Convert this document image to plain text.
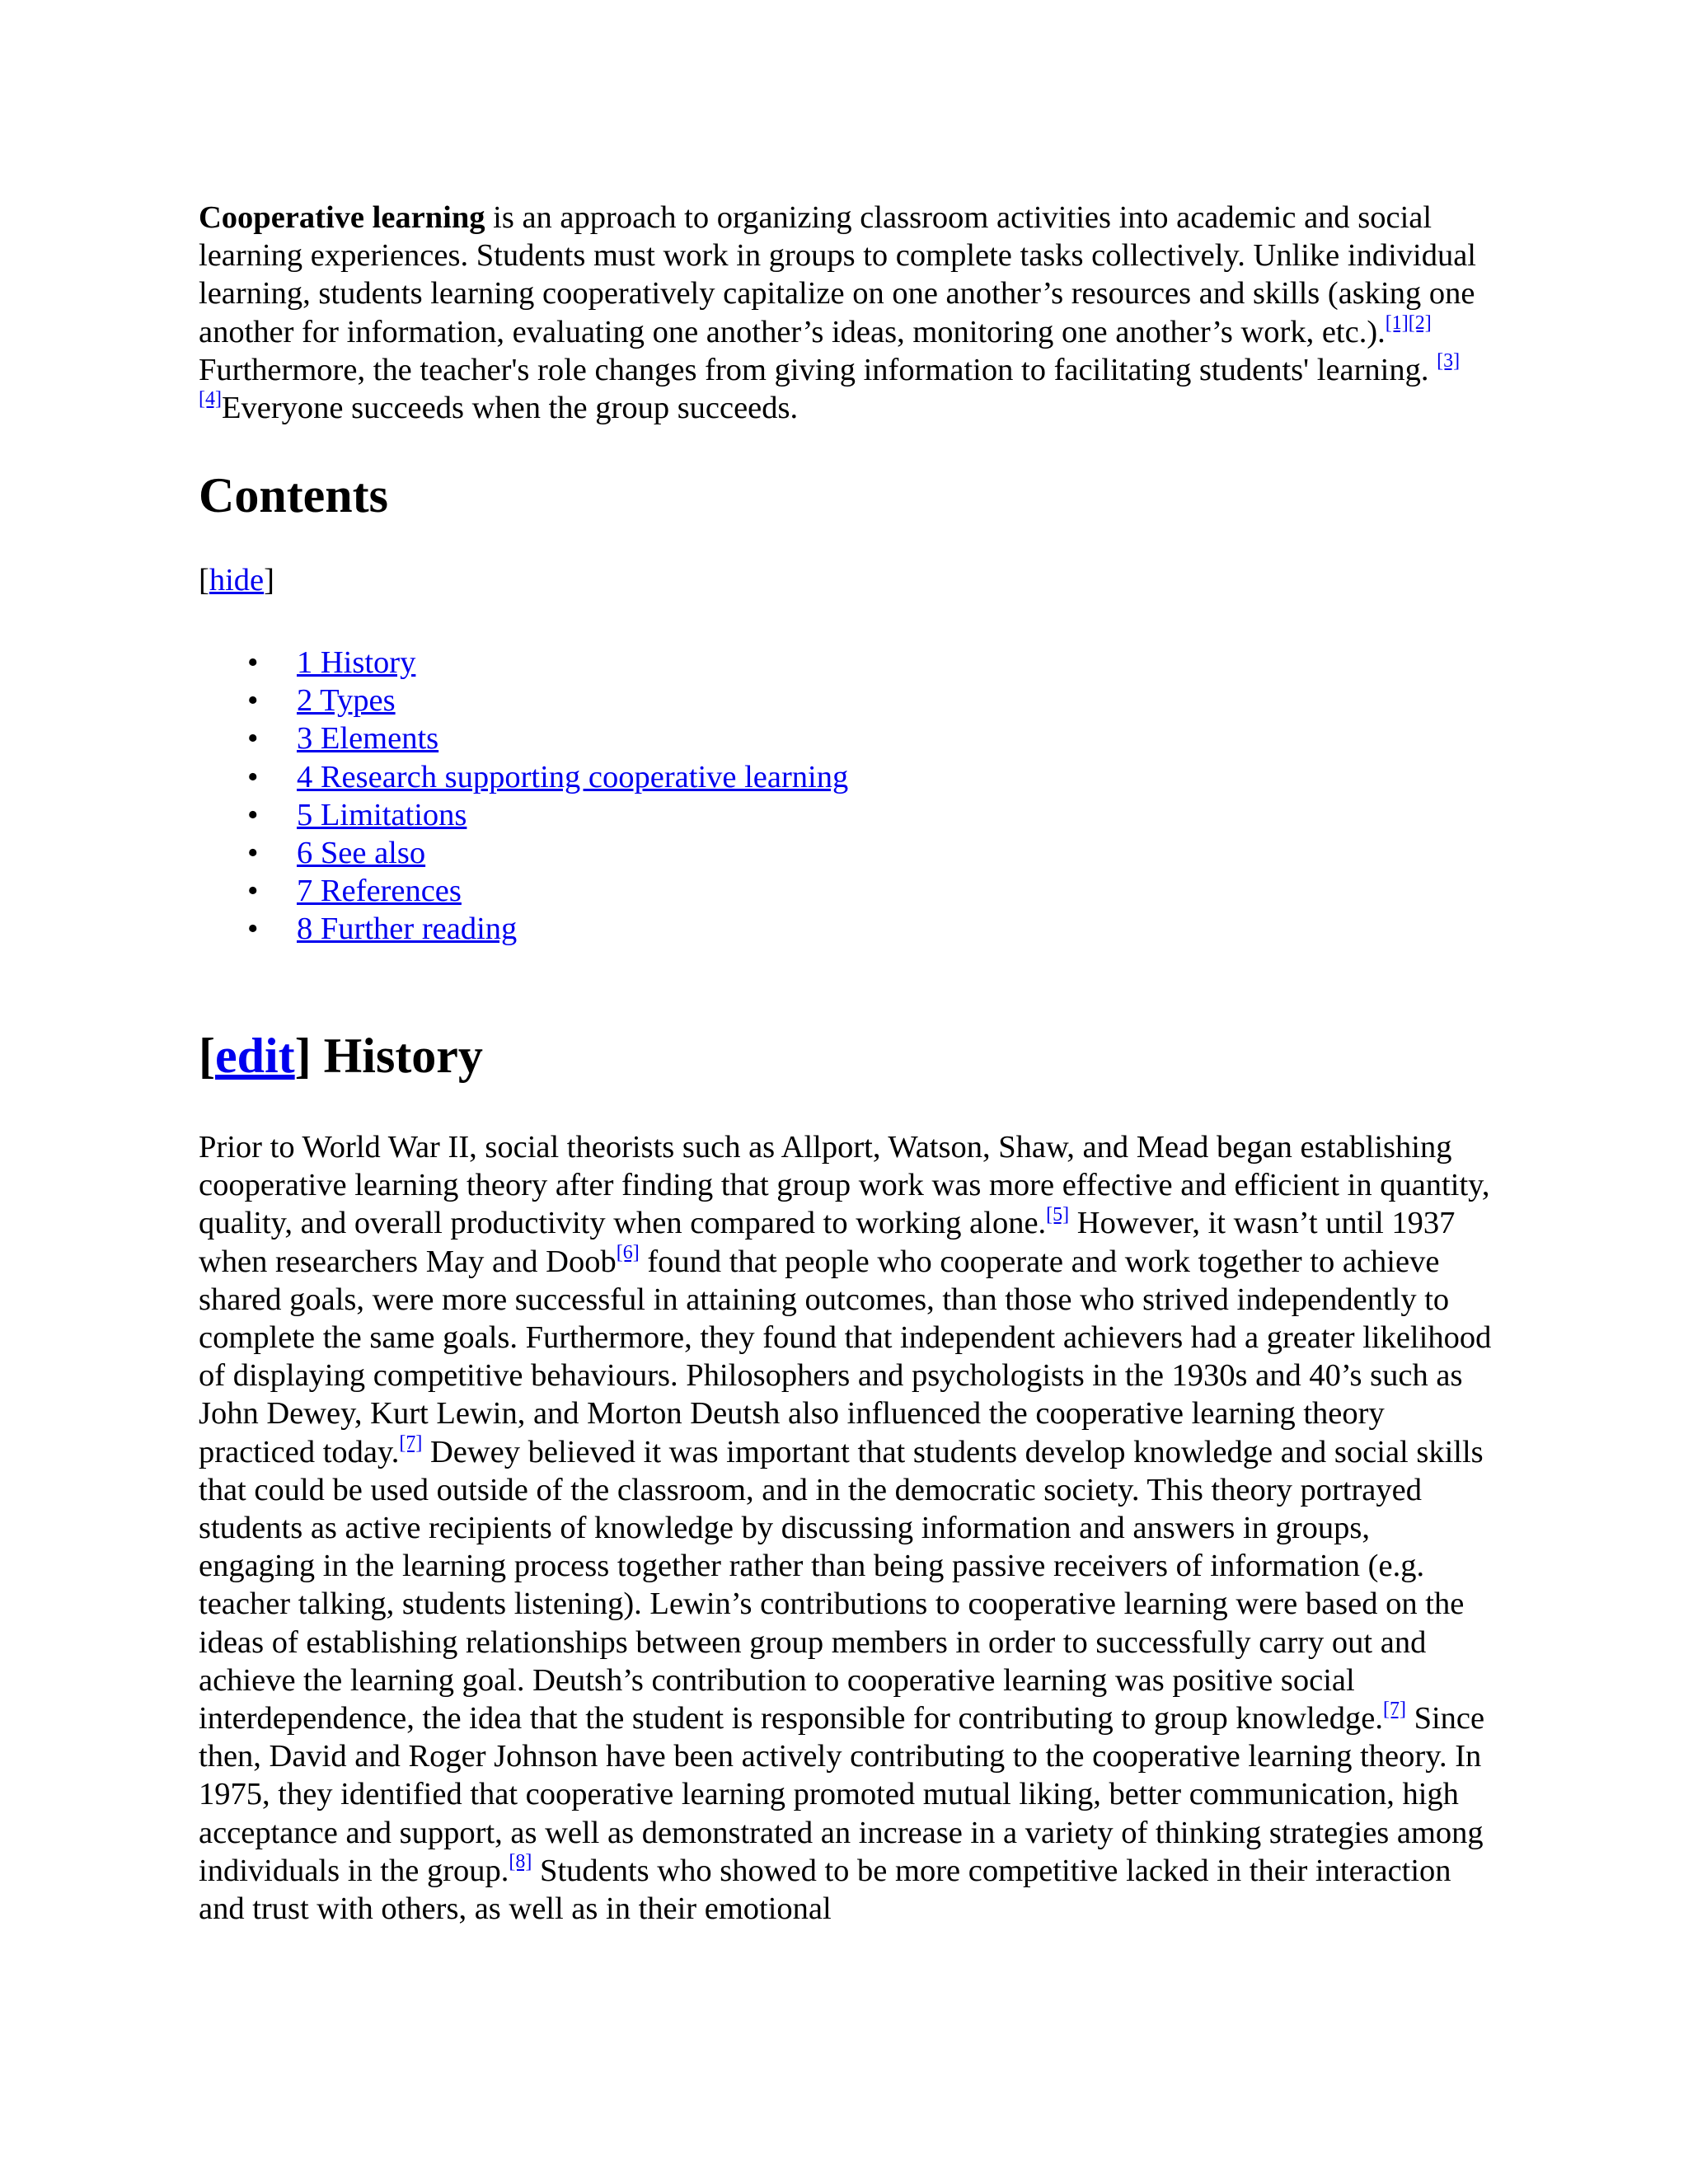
Cooperative learning is an approach to organizing classroom activities into academic and social learning experiences. Students must work in groups to complete tasks collectively. Unlike individual learning, students learning cooperatively capitalize on one another’s resources and skills (asking one another for information, evaluating one another’s ideas, monitoring one another’s work, etc.).[1][2] Furthermore, the teacher's role changes from giving information to facilitating students' learning. [3][4]Everyone succeeds when the group succeeds.

Contents
[hide]
• 1 History
• 2 Types
• 3 Elements
• 4 Research supporting cooperative learning
• 5 Limitations
• 6 See also
• 7 References
• 8 Further reading
[edit] History

Prior to World War II, social theorists such as Allport, Watson, Shaw, and Mead began establishing cooperative learning theory after finding that group work was more effective and efficient in quantity, quality, and overall productivity when compared to working alone.[5] However, it wasn’t until 1937 when researchers May and Doob[6] found that people who cooperate and work together to achieve shared goals, were more successful in attaining outcomes, than those who strived independently to complete the same goals. Furthermore, they found that independent achievers had a greater likelihood of displaying competitive behaviours. Philosophers and psychologists in the 1930s and 40’s such as John Dewey, Kurt Lewin, and Morton Deutsh also influenced the cooperative learning theory practiced today.[7] Dewey believed it was important that students develop knowledge and social skills that could be used outside of the classroom, and in the democratic society. This theory portrayed students as active recipients of knowledge by discussing information and answers in groups, engaging in the learning process together rather than being passive receivers of information (e.g. teacher talking, students listening). Lewin’s contributions to cooperative learning were based on the ideas of establishing relationships between group members in order to successfully carry out and achieve the learning goal. Deutsh’s contribution to cooperative learning was positive social interdependence, the idea that the student is responsible for contributing to group knowledge.[7] Since then, David and Roger Johnson have been actively contributing to the cooperative learning theory. In 1975, they identified that cooperative learning promoted mutual liking, better communication, high acceptance and support, as well as demonstrated an increase in a variety of thinking strategies among individuals in the group.[8] Students who showed to be more competitive lacked in their interaction and trust with others, as well as in their emotional
